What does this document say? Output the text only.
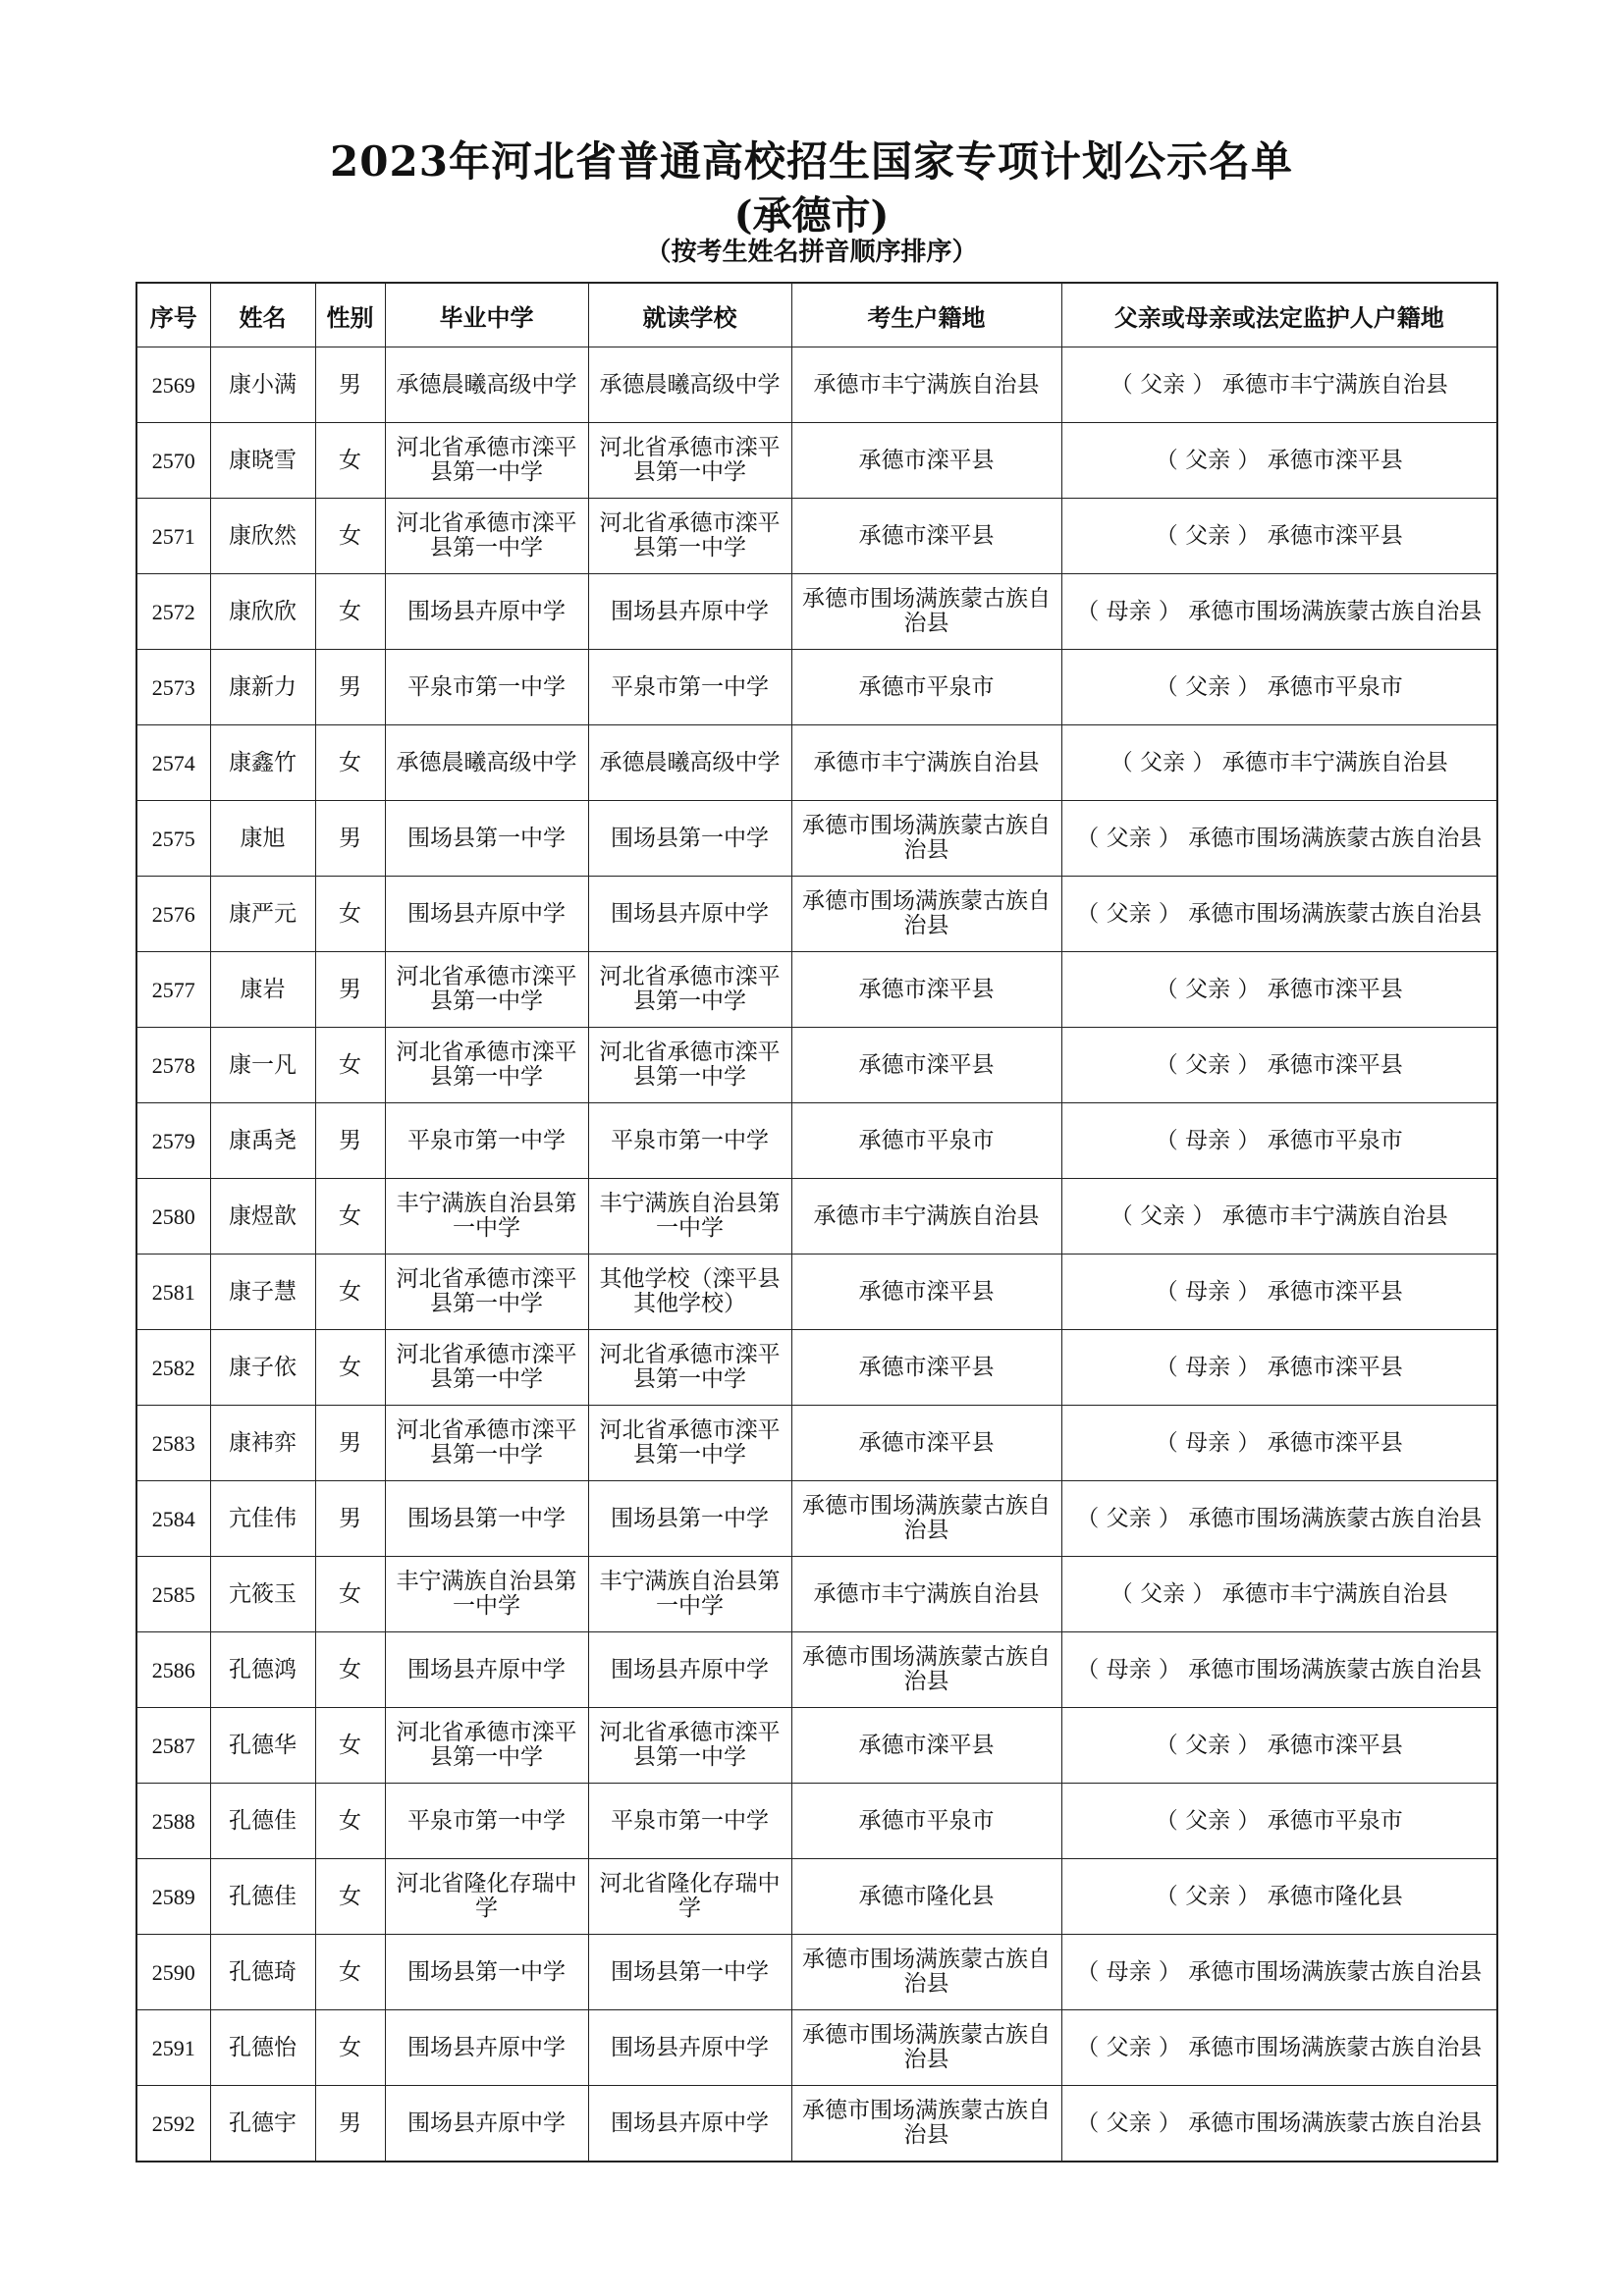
2023年河北省普通高校招生国家专项计划公示名单
(承德市)
（按考生姓名拼音顺序排序）
序号	姓名	性别	毕业中学	就读学校	考生户籍地	父亲或母亲或法定监护人户籍地
2569	康小满	男	承德晨曦高级中学	承德晨曦高级中学	承德市丰宁满族自治县	（ 父亲 ） 承德市丰宁满族自治县
2570	康晓雪	女	河北省承德市滦平县第一中学	河北省承德市滦平县第一中学	承德市滦平县	（ 父亲 ） 承德市滦平县
2571	康欣然	女	河北省承德市滦平县第一中学	河北省承德市滦平县第一中学	承德市滦平县	（ 父亲 ） 承德市滦平县
2572	康欣欣	女	围场县卉原中学	围场县卉原中学	承德市围场满族蒙古族自治县	（ 母亲 ） 承德市围场满族蒙古族自治县
2573	康新力	男	平泉市第一中学	平泉市第一中学	承德市平泉市	（ 父亲 ） 承德市平泉市
2574	康鑫竹	女	承德晨曦高级中学	承德晨曦高级中学	承德市丰宁满族自治县	（ 父亲 ） 承德市丰宁满族自治县
2575	康旭	男	围场县第一中学	围场县第一中学	承德市围场满族蒙古族自治县	（ 父亲 ） 承德市围场满族蒙古族自治县
2576	康严元	女	围场县卉原中学	围场县卉原中学	承德市围场满族蒙古族自治县	（ 父亲 ） 承德市围场满族蒙古族自治县
2577	康岩	男	河北省承德市滦平县第一中学	河北省承德市滦平县第一中学	承德市滦平县	（ 父亲 ） 承德市滦平县
2578	康一凡	女	河北省承德市滦平县第一中学	河北省承德市滦平县第一中学	承德市滦平县	（ 父亲 ） 承德市滦平县
2579	康禹尧	男	平泉市第一中学	平泉市第一中学	承德市平泉市	（ 母亲 ） 承德市平泉市
2580	康煜歆	女	丰宁满族自治县第一中学	丰宁满族自治县第一中学	承德市丰宁满族自治县	（ 父亲 ） 承德市丰宁满族自治县
2581	康子慧	女	河北省承德市滦平县第一中学	其他学校（滦平县其他学校）	承德市滦平县	（ 母亲 ） 承德市滦平县
2582	康子依	女	河北省承德市滦平县第一中学	河北省承德市滦平县第一中学	承德市滦平县	（ 母亲 ） 承德市滦平县
2583	康袆弈	男	河北省承德市滦平县第一中学	河北省承德市滦平县第一中学	承德市滦平县	（ 母亲 ） 承德市滦平县
2584	亢佳伟	男	围场县第一中学	围场县第一中学	承德市围场满族蒙古族自治县	（ 父亲 ） 承德市围场满族蒙古族自治县
2585	亢筱玉	女	丰宁满族自治县第一中学	丰宁满族自治县第一中学	承德市丰宁满族自治县	（ 父亲 ） 承德市丰宁满族自治县
2586	孔德鸿	女	围场县卉原中学	围场县卉原中学	承德市围场满族蒙古族自治县	（ 母亲 ） 承德市围场满族蒙古族自治县
2587	孔德华	女	河北省承德市滦平县第一中学	河北省承德市滦平县第一中学	承德市滦平县	（ 父亲 ） 承德市滦平县
2588	孔德佳	女	平泉市第一中学	平泉市第一中学	承德市平泉市	（ 父亲 ） 承德市平泉市
2589	孔德佳	女	河北省隆化存瑞中学	河北省隆化存瑞中学	承德市隆化县	（ 父亲 ） 承德市隆化县
2590	孔德琦	女	围场县第一中学	围场县第一中学	承德市围场满族蒙古族自治县	（ 母亲 ） 承德市围场满族蒙古族自治县
2591	孔德怡	女	围场县卉原中学	围场县卉原中学	承德市围场满族蒙古族自治县	（ 父亲 ） 承德市围场满族蒙古族自治县
2592	孔德宇	男	围场县卉原中学	围场县卉原中学	承德市围场满族蒙古族自治县	（ 父亲 ） 承德市围场满族蒙古族自治县
